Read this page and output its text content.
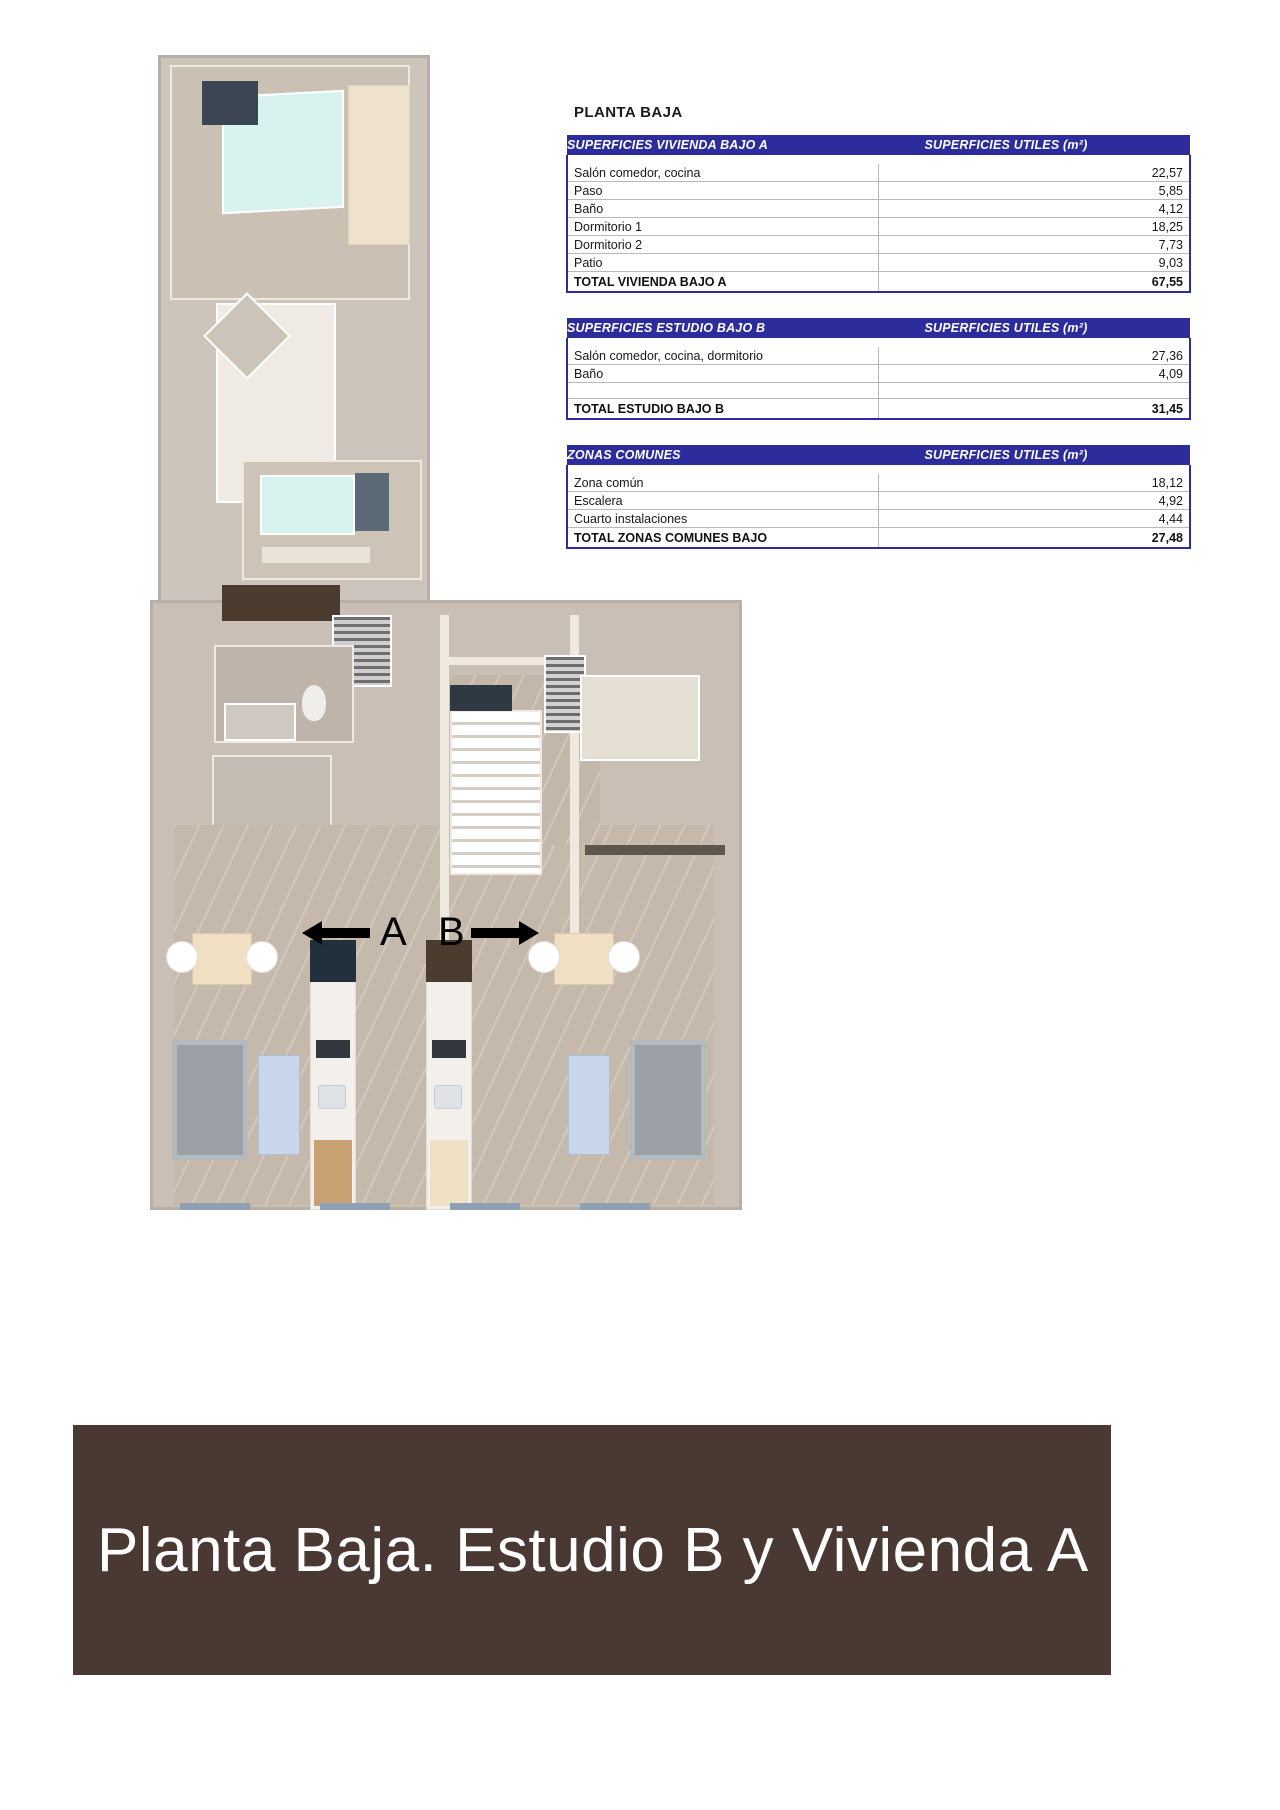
A B
PLANTA BAJA
SUPERFICIES VIVIENDA BAJO A	SUPERFICIES UTILES (m²)

Salón comedor, cocina	22,57
Paso	5,85
Baño	4,12
Dormitorio 1	18,25
Dormitorio 2	7,73
Patio	9,03
TOTAL VIVIENDA BAJO A	67,55
SUPERFICIES ESTUDIO BAJO B	SUPERFICIES UTILES (m²)

Salón comedor, cocina, dormitorio	27,36
Baño	4,09

TOTAL ESTUDIO BAJO B	31,45
ZONAS COMUNES	SUPERFICIES UTILES (m²)

Zona común	18,12
Escalera	4,92
Cuarto instalaciones	4,44
TOTAL ZONAS COMUNES BAJO	27,48
Planta Baja. Estudio B y Vivienda A
